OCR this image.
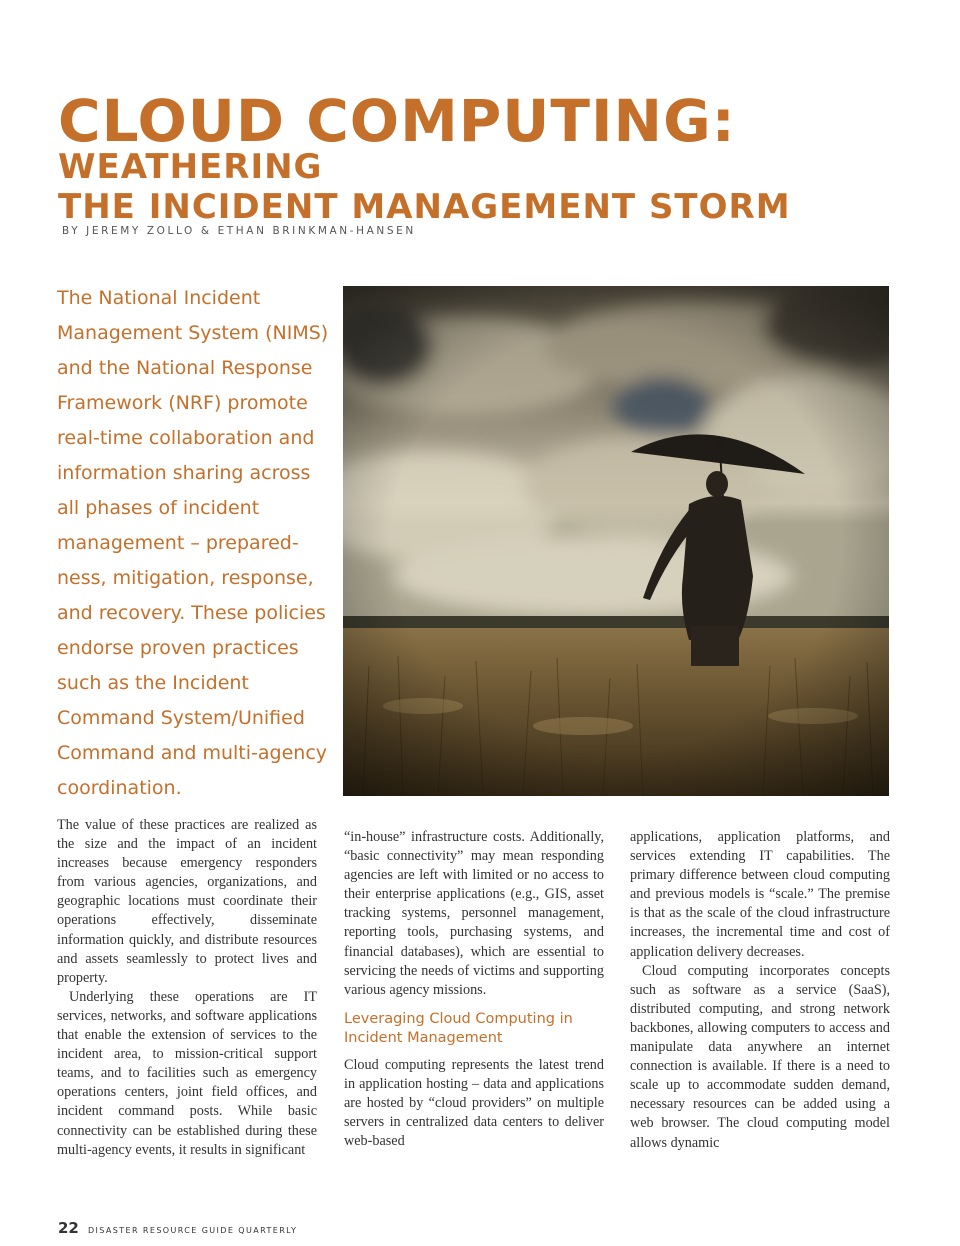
CLOUD COMPUTING: WEATHERING
THE INCIDENT MANAGEMENT STORM
BY JEREMY ZOLLO & ETHAN BRINKMAN-HANSEN
The National Incident Management System (NIMS) and the National Response Framework (NRF) promote real-time collaboration and information sharing across all phases of incident management – prepared-ness, mitigation, response, and recovery. These policies endorse proven practices such as the Incident Command System/Unified Command and multi-agency coordination.

The value of these practices are realized as the size and the impact of an incident increases because emergency responders from various agencies, organizations, and geographic locations must coordinate their operations effectively, disseminate information quickly, and distribute resources and assets seamlessly to protect lives and property.

Underlying these operations are IT services, networks, and software applications that enable the extension of services to the incident area, to mission-critical support teams, and to facilities such as emergency operations centers, joint field offices, and incident command posts. While basic connectivity can be established during these multi-agency events, it results in significant

“in-house” infrastructure costs. Additionally, “basic connectivity” may mean responding agencies are left with limited or no access to their enterprise applications (e.g., GIS, asset tracking systems, personnel management, reporting tools, purchasing systems, and financial databases), which are essential to servicing the needs of victims and supporting various agency missions.

Leveraging Cloud Computing in Incident Management

Cloud computing represents the latest trend in application hosting – data and applications are hosted by “cloud providers” on multiple servers in centralized data centers to deliver web-based

applications, application platforms, and services extending IT capabilities. The primary difference between cloud computing and previous models is “scale.” The premise is that as the scale of the cloud infrastructure increases, the incremental time and cost of application delivery decreases.

Cloud computing incorporates concepts such as software as a service (SaaS), distributed computing, and strong network backbones, allowing computers to access and manipulate data anywhere an internet connection is available. If there is a need to scale up to accommodate sudden demand, necessary resources can be added using a web browser. The cloud computing model allows dynamic

22 DISASTER RESOURCE GUIDE QUARTERLY
